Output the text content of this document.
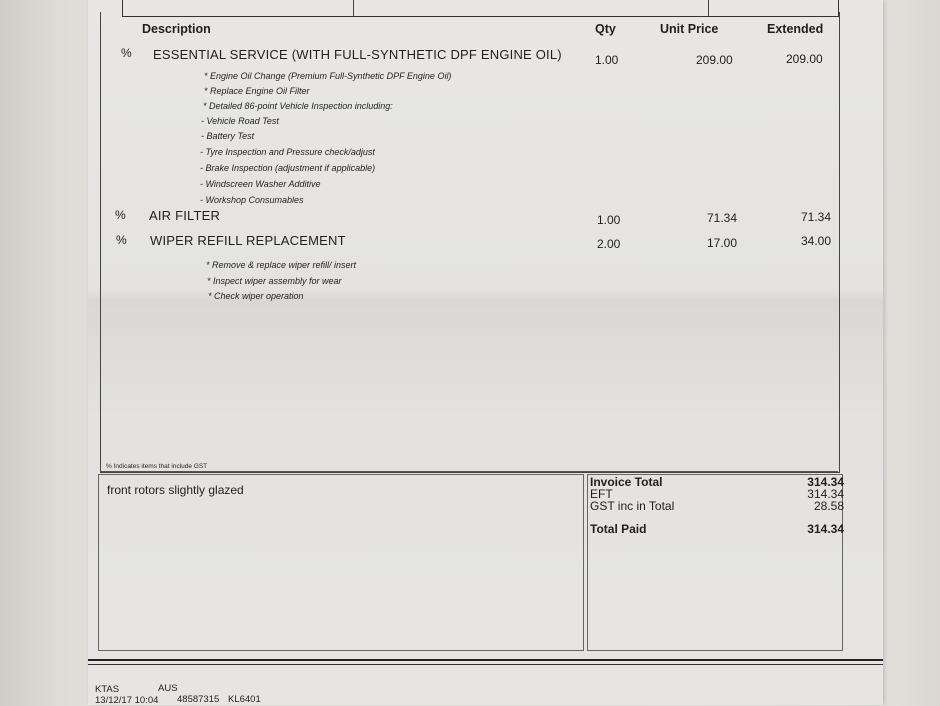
Description	Qty	Unit Price	Extended
% ESSENTIAL SERVICE (WITH FULL-SYNTHETIC DPF ENGINE OIL)	1.00	209.00	209.00
* Engine Oil Change (Premium Full-Synthetic DPF Engine Oil)
* Replace Engine Oil Filter
* Detailed 86-point Vehicle Inspection including:
- Vehicle Road Test
- Battery Test
- Tyre Inspection and Pressure check/adjust
- Brake Inspection (adjustment if applicable)
- Windscreen Washer Additive
- Workshop Consumables
% AIR FILTER	1.00	71.34	71.34
% WIPER REFILL REPLACEMENT	2.00	17.00	34.00
* Remove & replace wiper refill/ insert
* Inspect wiper assembly for wear
* Check wiper operation
% Indicates items that include GST
front rotors slightly glazed
Invoice Total	314.34
EFT	314.34
GST inc in Total	28.58
Total Paid	314.34
KTAS	AUS
13/12/17 10:04 48587315 KL6401
